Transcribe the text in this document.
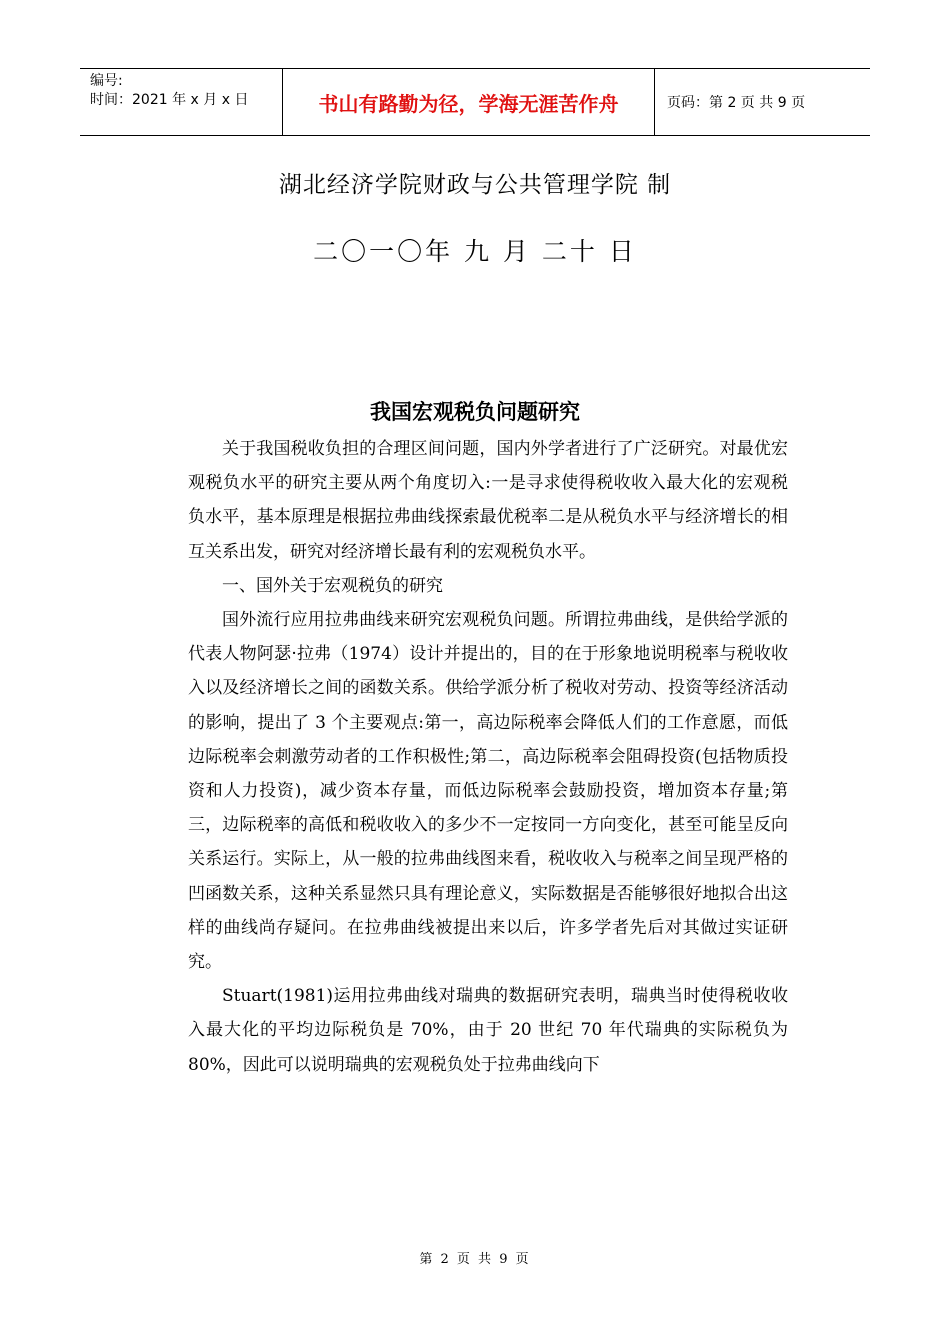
编号:
时间：2021 年 x 月 x 日	书山有路勤为径，学海无涯苦作舟	页码：第 2 页 共 9 页
湖北经济学院财政与公共管理学院 制
二〇一〇年 九 月 二十 日
我国宏观税负问题研究

关于我国税收负担的合理区间问题，国内外学者进行了广泛研究。对最优宏观税负水平的研究主要从两个角度切入:一是寻求使得税收收入最大化的宏观税负水平，基本原理是根据拉弗曲线探索最优税率二是从税负水平与经济增长的相互关系出发，研究对经济增长最有利的宏观税负水平。

一、国外关于宏观税负的研究

国外流行应用拉弗曲线来研究宏观税负问题。所谓拉弗曲线，是供给学派的代表人物阿瑟·拉弗（1974）设计并提出的，目的在于形象地说明税率与税收收入以及经济增长之间的函数关系。供给学派分析了税收对劳动、投资等经济活动的影响，提出了 3 个主要观点:第一，高边际税率会降低人们的工作意愿，而低边际税率会刺激劳动者的工作积极性;第二，高边际税率会阻碍投资(包括物质投资和人力投资)，减少资本存量，而低边际税率会鼓励投资，增加资本存量;第三，边际税率的高低和税收收入的多少不一定按同一方向变化，甚至可能呈反向关系运行。实际上，从一般的拉弗曲线图来看，税收收入与税率之间呈现严格的凹函数关系，这种关系显然只具有理论意义，实际数据是否能够很好地拟合出这样的曲线尚存疑问。在拉弗曲线被提出来以后，许多学者先后对其做过实证研究。

Stuart(1981)运用拉弗曲线对瑞典的数据研究表明，瑞典当时使得税收收入最大化的平均边际税负是 70%，由于 20 世纪 70 年代瑞典的实际税负为 80%，因此可以说明瑞典的宏观税负处于拉弗曲线向下

第 2 页 共 9 页
